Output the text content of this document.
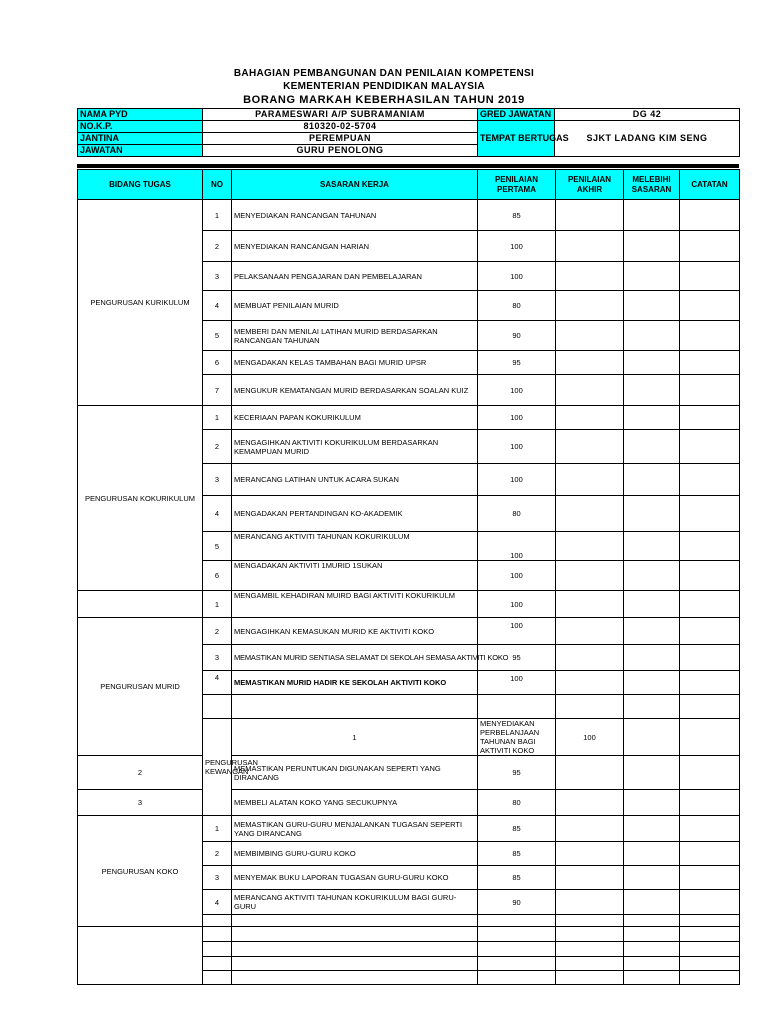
BAHAGIAN PEMBANGUNAN DAN PENILAIAN KOMPETENSI
KEMENTERIAN PENDIDIKAN MALAYSIA
BORANG MARKAH KEBERHASILAN TAHUN 2019
NAMA PYD	PARAMESWARI A/P SUBRAMANIAM	GRED JAWATAN	DG 42
NO.K.P.	810320-02-5704	TEMPAT BERTUGAS	SJKT LADANG KIM SENG
JANTINA	PEREMPUAN		
JAWATAN	GURU PENOLONG		
BIDANG TUGAS	NO	SASARAN KERJA	PENILAIAN PERTAMA	PENILAIAN AKHIR	MELEBIHI SASARAN	CATATAN	
PENGURUSAN KURIKULUM	1	MENYEDIAKAN RANCANGAN TAHUNAN	85				
	2	MENYEDIAKAN RANCANGAN HARIAN	100				
	3	PELAKSANAAN PENGAJARAN DAN PEMBELAJARAN	100				
	4	MEMBUAT PENILAIAN MURID	80				
	5	MEMBERI DAN MENILAI LATIHAN MURID BERDASARKAN RANCANGAN TAHUNAN	90				
	6	MENGADAKAN KELAS TAMBAHAN BAGI MURID UPSR	95				
	7	MENGUKUR KEMATANGAN MURID BERDASARKAN SOALAN KUIZ	100				
PENGURUSAN KOKURIKULUM	1	KECERIAAN PAPAN KOKURIKULUM	100				
	2	MENGAGIHKAN AKTIVITI KOKURIKULUM BERDASARKAN KEMAMPUAN MURID	100				
	3	MERANCANG LATIHAN UNTUK ACARA SUKAN	100				
	4	MENGADAKAN PERTANDINGAN KO-AKADEMIK	80				
	5	MERANCANG AKTIVITI TAHUNAN KOKURIKULUM	100				
	6	MENGADAKAN AKTIVITI 1MURID 1SUKAN	100				
	1	MENGAMBIL KEHADIRAN MUIRD BAGI AKTIVITI KOKURIKULM	100				
PENGURUSAN MURID	2	MENGAGIHKAN KEMASUKAN MURID KE AKTIVITI KOKO	100				
	3	MEMASTIKAN MURID SENTIASA SELAMAT DI SEKOLAH SEMASA AKTIVITI KOKO	95				
	4	MEMASTIKAN MURID HADIR KE SEKOLAH AKTIVITI KOKO	100				

	PENGURUSAN KEWANGAN	1	MENYEDIAKAN PERBELANJAAN TAHUNAN BAGI AKTIVITI KOKO	100			
2		MEMASTIKAN PERUNTUKAN DIGUNAKAN SEPERTI YANG DIRANCANG	95				
3		MEMBELI ALATAN KOKO YANG SECUKUPNYA	80				
PENGURUSAN KOKO	1	MEMASTIKAN GURU-GURU MENJALANKAN TUGASAN SEPERTI YANG DIRANCANG	85				
	2	MEMBIMBING GURU-GURU KOKO	85				
	3	MENYEMAK BUKU LAPORAN TUGASAN GURU-GURU KOKO	85				
	4	MERANCANG AKTIVITI TAHUNAN KOKURIKULUM BAGI GURU-GURU	90				
